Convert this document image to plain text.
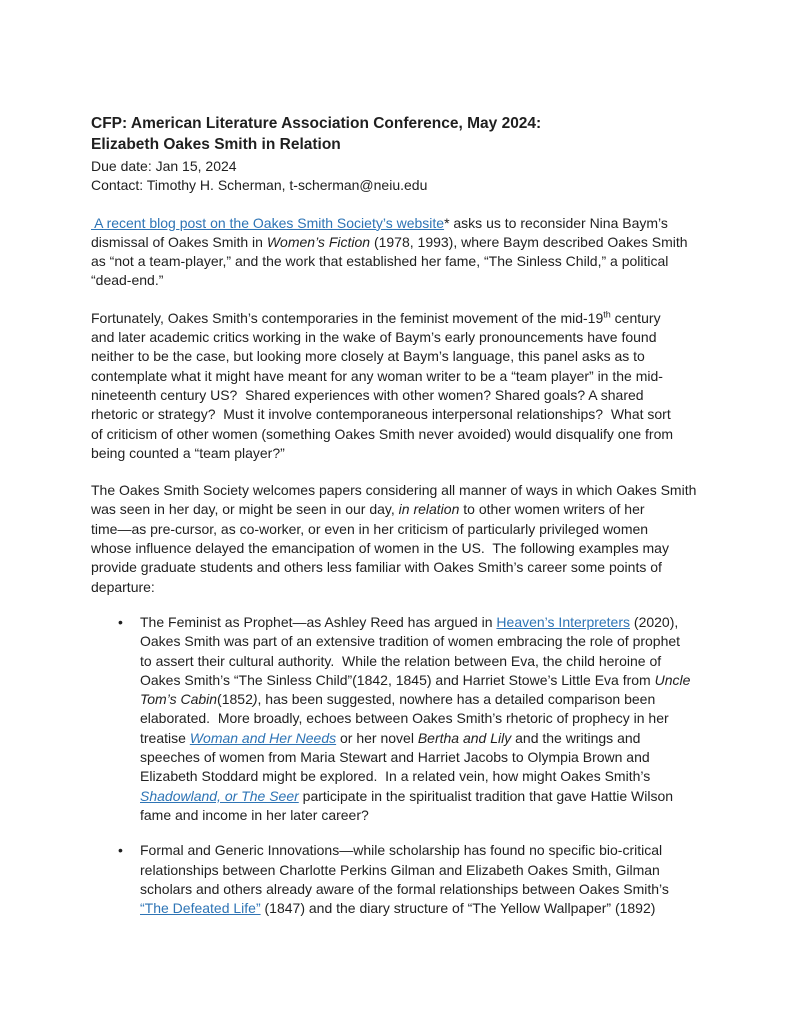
CFP: American Literature Association Conference, May 2024:
Elizabeth Oakes Smith in Relation
Due date: Jan 15, 2024
Contact: Timothy H. Scherman, t-scherman@neiu.edu
A recent blog post on the Oakes Smith Society’s website* asks us to reconsider Nina Baym’s
dismissal of Oakes Smith in Women’s Fiction (1978, 1993), where Baym described Oakes Smith
as “not a team-player,” and the work that established her fame, “The Sinless Child,” a political
“dead-end.”
Fortunately, Oakes Smith’s contemporaries in the feminist movement of the mid-19th century
and later academic critics working in the wake of Baym’s early pronouncements have found
neither to be the case, but looking more closely at Baym’s language, this panel asks as to
contemplate what it might have meant for any woman writer to be a “team player” in the mid-
nineteenth century US?  Shared experiences with other women? Shared goals? A shared
rhetoric or strategy?  Must it involve contemporaneous interpersonal relationships?  What sort
of criticism of other women (something Oakes Smith never avoided) would disqualify one from
being counted a “team player?”
The Oakes Smith Society welcomes papers considering all manner of ways in which Oakes Smith
was seen in her day, or might be seen in our day, in relation to other women writers of her
time—as pre-cursor, as co-worker, or even in her criticism of particularly privileged women
whose influence delayed the emancipation of women in the US.  The following examples may
provide graduate students and others less familiar with Oakes Smith’s career some points of
departure:
•	The Feminist as Prophet—as Ashley Reed has argued in Heaven’s Interpreters (2020),
Oakes Smith was part of an extensive tradition of women embracing the role of prophet
to assert their cultural authority.  While the relation between Eva, the child heroine of
Oakes Smith’s “The Sinless Child”(1842, 1845) and Harriet Stowe’s Little Eva from Uncle
Tom’s Cabin(1852), has been suggested, nowhere has a detailed comparison been
elaborated.  More broadly, echoes between Oakes Smith’s rhetoric of prophecy in her
treatise Woman and Her Needs or her novel Bertha and Lily and the writings and
speeches of women from Maria Stewart and Harriet Jacobs to Olympia Brown and
Elizabeth Stoddard might be explored.  In a related vein, how might Oakes Smith’s
Shadowland, or The Seer participate in the spiritualist tradition that gave Hattie Wilson
fame and income in her later career?
•	Formal and Generic Innovations—while scholarship has found no specific bio-critical
relationships between Charlotte Perkins Gilman and Elizabeth Oakes Smith, Gilman
scholars and others already aware of the formal relationships between Oakes Smith’s
“The Defeated Life” (1847) and the diary structure of “The Yellow Wallpaper” (1892)
